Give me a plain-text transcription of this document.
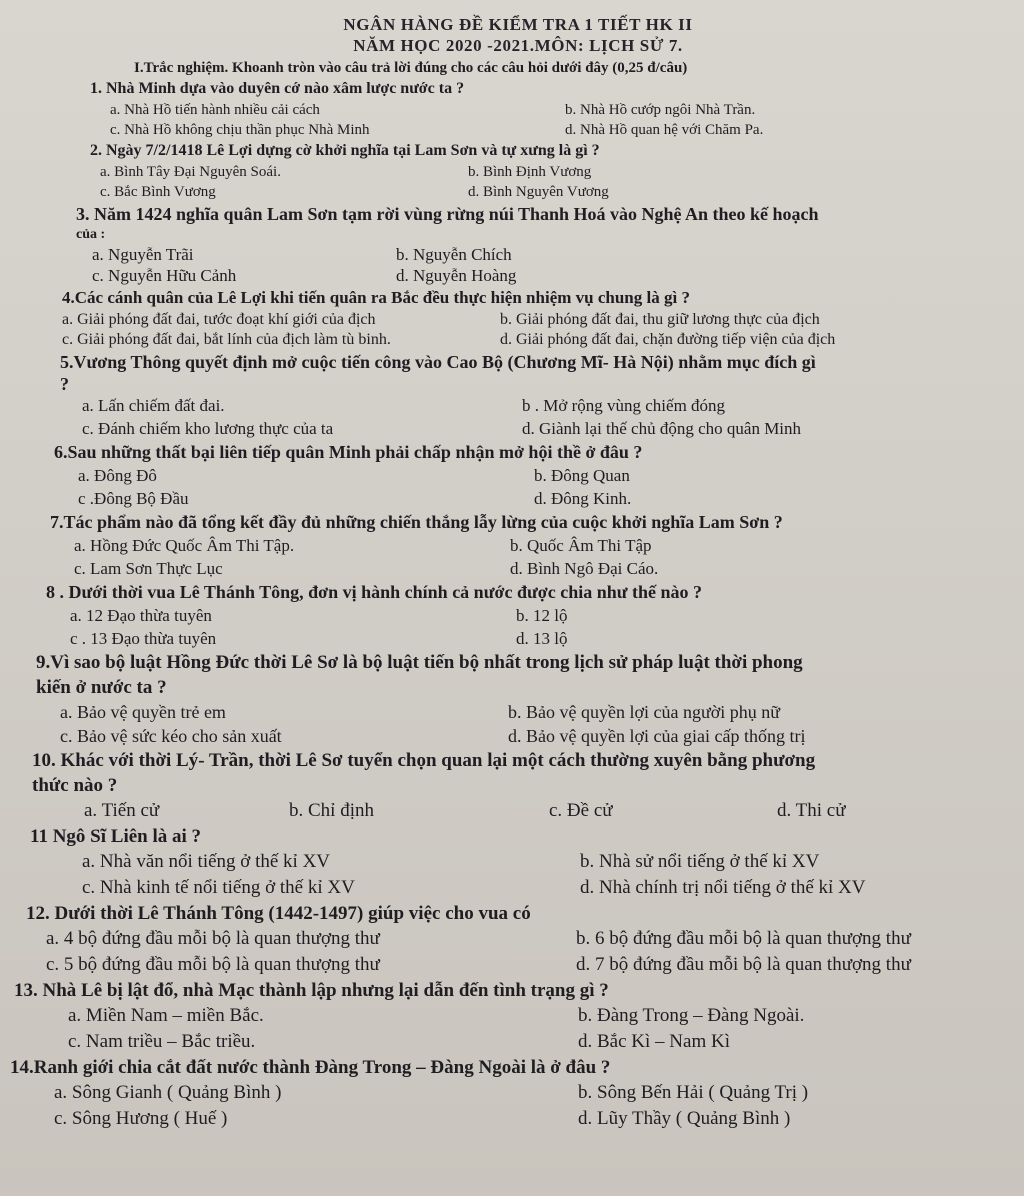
NGÂN HÀNG ĐỀ KIỂM TRA 1 TIẾT HK II
NĂM HỌC 2020 -2021.MÔN: LỊCH SỬ 7.
I.Trắc nghiệm. Khoanh tròn vào câu trả lời đúng cho các câu hỏi dưới đây (0,25 đ/câu)
1. Nhà Minh dựa vào duyên cớ nào xâm lược nước ta ?
a. Nhà Hồ tiến hành nhiều cải cách	b. Nhà Hồ cướp ngôi Nhà Trần.
c. Nhà Hồ không chịu thần phục Nhà Minh	d. Nhà Hồ quan hệ với Chăm Pa.
2. Ngày 7/2/1418 Lê Lợi dựng cờ khởi nghĩa tại Lam Sơn và tự xưng là gì ?
a. Bình Tây Đại Nguyên Soái.	b. Bình Định Vương
c. Bắc Bình Vương	d. Bình Nguyên Vương
3. Năm 1424 nghĩa quân Lam Sơn tạm rời vùng rừng núi Thanh Hoá vào Nghệ An theo kế hoạch
của :
a. Nguyễn Trãi	b. Nguyễn Chích
c. Nguyễn Hữu Cảnh	d. Nguyễn Hoàng
4.Các cánh quân của Lê Lợi khi tiến quân ra Bắc đều thực hiện nhiệm vụ chung là gì ?
a. Giải phóng đất đai, tước đoạt khí giới của địch	b. Giải phóng đất đai, thu giữ lương thực của địch
c. Giải phóng đất đai, bắt lính của địch làm tù binh.	d. Giải phóng đất đai, chặn đường tiếp viện của địch
5.Vương Thông quyết định mở cuộc tiến công vào Cao Bộ (Chương Mĩ- Hà Nội) nhằm mục đích gì
?
a. Lấn chiếm đất đai.	b . Mở rộng vùng chiếm đóng
c. Đánh chiếm kho lương thực của ta	d. Giành lại thế chủ động cho quân Minh
6.Sau những thất bại liên tiếp quân Minh phải chấp nhận mở hội thề ở đâu ?
a. Đông Đô	b. Đông Quan
c .Đông Bộ Đầu	d. Đông Kinh.
7.Tác phẩm nào đã tổng kết đầy đủ những chiến thắng lẫy lừng của cuộc khởi nghĩa Lam Sơn ?
a. Hồng Đức Quốc Âm Thi Tập.	b. Quốc Âm Thi Tập
c. Lam Sơn Thực Lục	d. Bình Ngô Đại Cáo.
8 . Dưới thời vua Lê Thánh Tông, đơn vị hành chính cả nước được chia như thế nào ?
a. 12 Đạo thừa tuyên	b. 12 lộ
c . 13 Đạo thừa tuyên	d. 13 lộ
9.Vì sao bộ luật Hồng Đức thời Lê Sơ là bộ luật tiến bộ nhất trong lịch sử pháp luật thời phong
kiến ở nước ta ?
a. Bảo vệ quyền trẻ em	b. Bảo vệ quyền lợi của người phụ nữ
c. Bảo vệ sức kéo cho sản xuất	d. Bảo vệ quyền lợi của giai cấp thống trị
10. Khác với thời Lý- Trần, thời Lê Sơ tuyển chọn quan lại một cách thường xuyên bằng phương
thức nào ?
a. Tiến cử	b. Chỉ định	c. Đề cử	d. Thi cử
11 Ngô Sĩ Liên là ai ?
a. Nhà văn nổi tiếng ở thế kỉ XV	b. Nhà sử nổi tiếng ở thế kỉ XV
c. Nhà kinh tế nổi tiếng ở thế kỉ XV	d. Nhà chính trị nổi tiếng ở thế kỉ XV
12. Dưới thời Lê Thánh Tông (1442-1497) giúp việc cho vua có
a. 4 bộ đứng đầu mỗi bộ là quan thượng thư	b. 6 bộ đứng đầu mỗi bộ là quan thượng thư
c. 5 bộ đứng đầu mỗi bộ là quan thượng thư	d. 7 bộ đứng đầu mỗi bộ là quan thượng thư
13. Nhà Lê bị lật đổ, nhà Mạc thành lập nhưng lại dẫn đến tình trạng gì ?
a. Miền Nam – miền Bắc.	b. Đàng Trong – Đàng Ngoài.
c. Nam triều – Bắc triều.	d. Bắc Kì – Nam Kì
14.Ranh giới chia cắt đất nước thành Đàng Trong – Đàng Ngoài là ở đâu ?
a. Sông Gianh ( Quảng Bình )	b. Sông Bến Hải ( Quảng Trị )
c. Sông Hương ( Huế )	d. Lũy Thầy ( Quảng Bình )
